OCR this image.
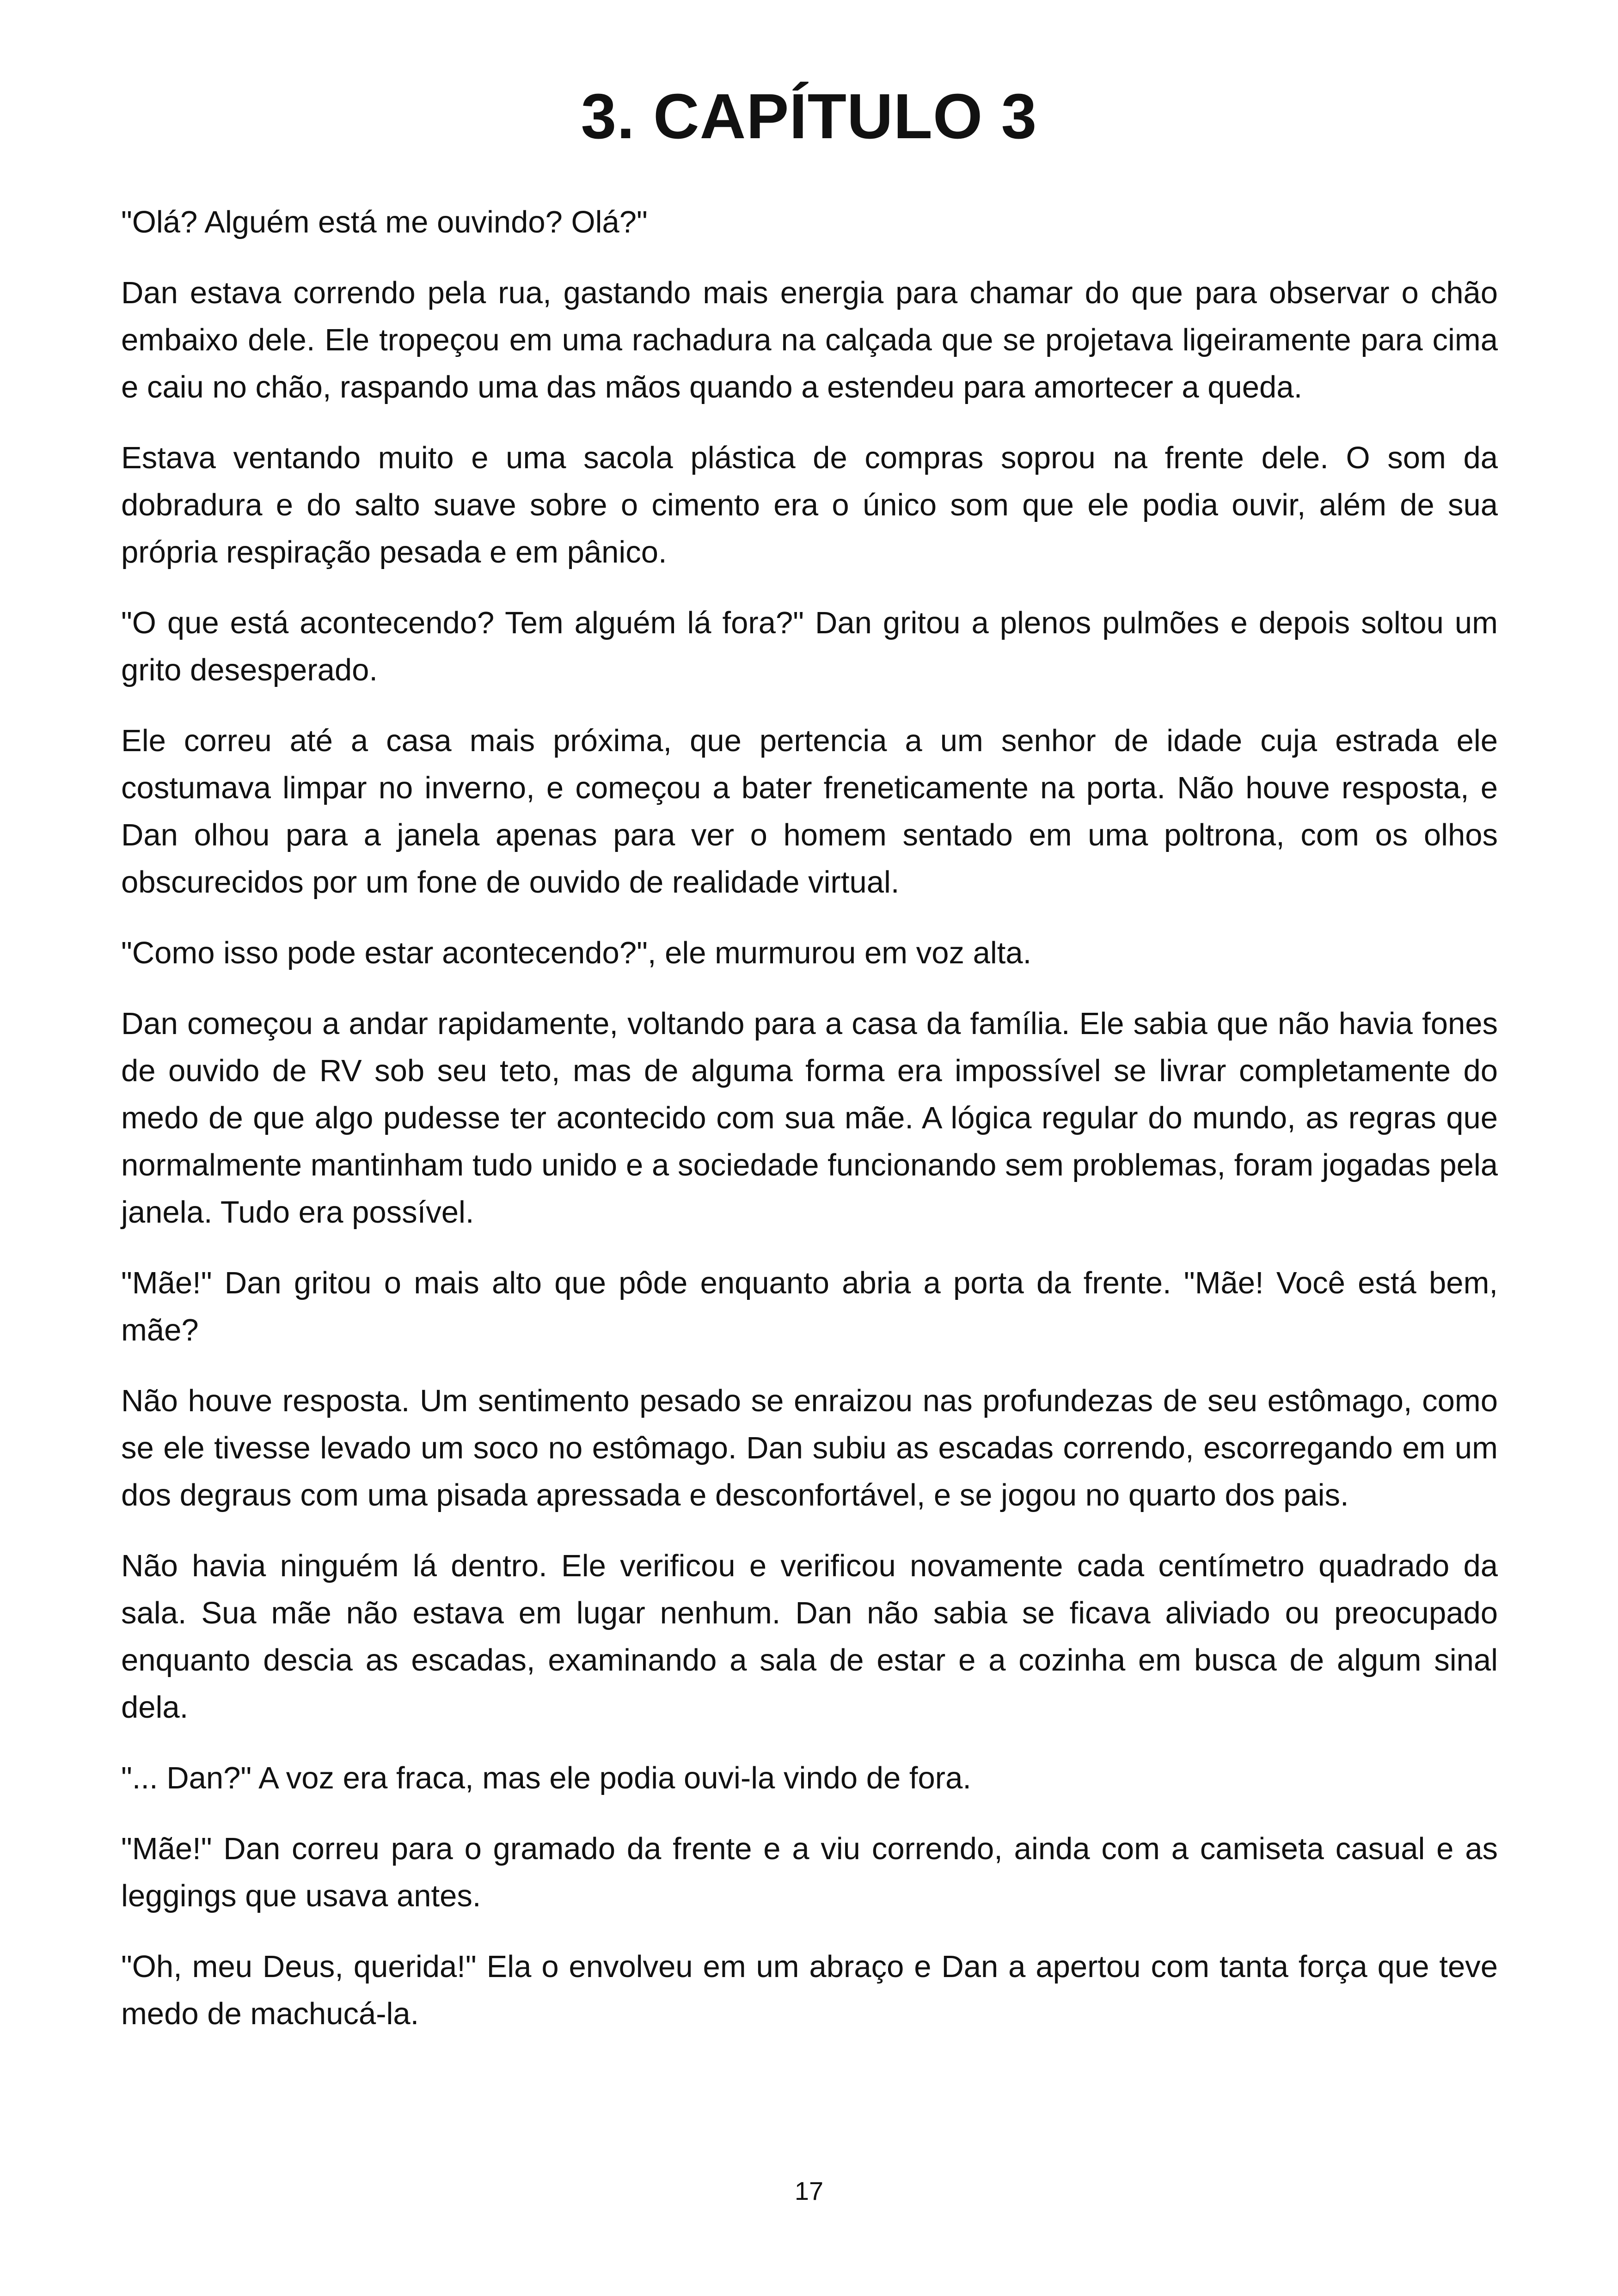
3. CAPÍTULO 3

"Olá? Alguém está me ouvindo? Olá?"

Dan estava correndo pela rua, gastando mais energia para chamar do que para observar o chão embaixo dele. Ele tropeçou em uma rachadura na calçada que se projetava ligeiramente para cima e caiu no chão, raspando uma das mãos quando a estendeu para amortecer a queda.

Estava ventando muito e uma sacola plástica de compras soprou na frente dele. O som da dobradura e do salto suave sobre o cimento era o único som que ele podia ouvir, além de sua própria respiração pesada e em pânico.

"O que está acontecendo? Tem alguém lá fora?" Dan gritou a plenos pulmões e depois soltou um grito desesperado.

Ele correu até a casa mais próxima, que pertencia a um senhor de idade cuja estrada ele costumava limpar no inverno, e começou a bater freneticamente na porta. Não houve resposta, e Dan olhou para a janela apenas para ver o homem sentado em uma poltrona, com os olhos obscurecidos por um fone de ouvido de realidade virtual.

"Como isso pode estar acontecendo?", ele murmurou em voz alta.

Dan começou a andar rapidamente, voltando para a casa da família. Ele sabia que não havia fones de ouvido de RV sob seu teto, mas de alguma forma era impossível se livrar completamente do medo de que algo pudesse ter acontecido com sua mãe. A lógica regular do mundo, as regras que normalmente mantinham tudo unido e a sociedade funcionando sem problemas, foram jogadas pela janela. Tudo era possível.

"Mãe!" Dan gritou o mais alto que pôde enquanto abria a porta da frente. "Mãe! Você está bem, mãe?

Não houve resposta. Um sentimento pesado se enraizou nas profundezas de seu estômago, como se ele tivesse levado um soco no estômago. Dan subiu as escadas correndo, escorregando em um dos degraus com uma pisada apressada e desconfortável, e se jogou no quarto dos pais.

Não havia ninguém lá dentro. Ele verificou e verificou novamente cada centímetro quadrado da sala. Sua mãe não estava em lugar nenhum. Dan não sabia se ficava aliviado ou preocupado enquanto descia as escadas, examinando a sala de estar e a cozinha em busca de algum sinal dela.

"... Dan?" A voz era fraca, mas ele podia ouvi-la vindo de fora.

"Mãe!" Dan correu para o gramado da frente e a viu correndo, ainda com a camiseta casual e as leggings que usava antes.

"Oh, meu Deus, querida!" Ela o envolveu em um abraço e Dan a apertou com tanta força que teve medo de machucá-la.

17
